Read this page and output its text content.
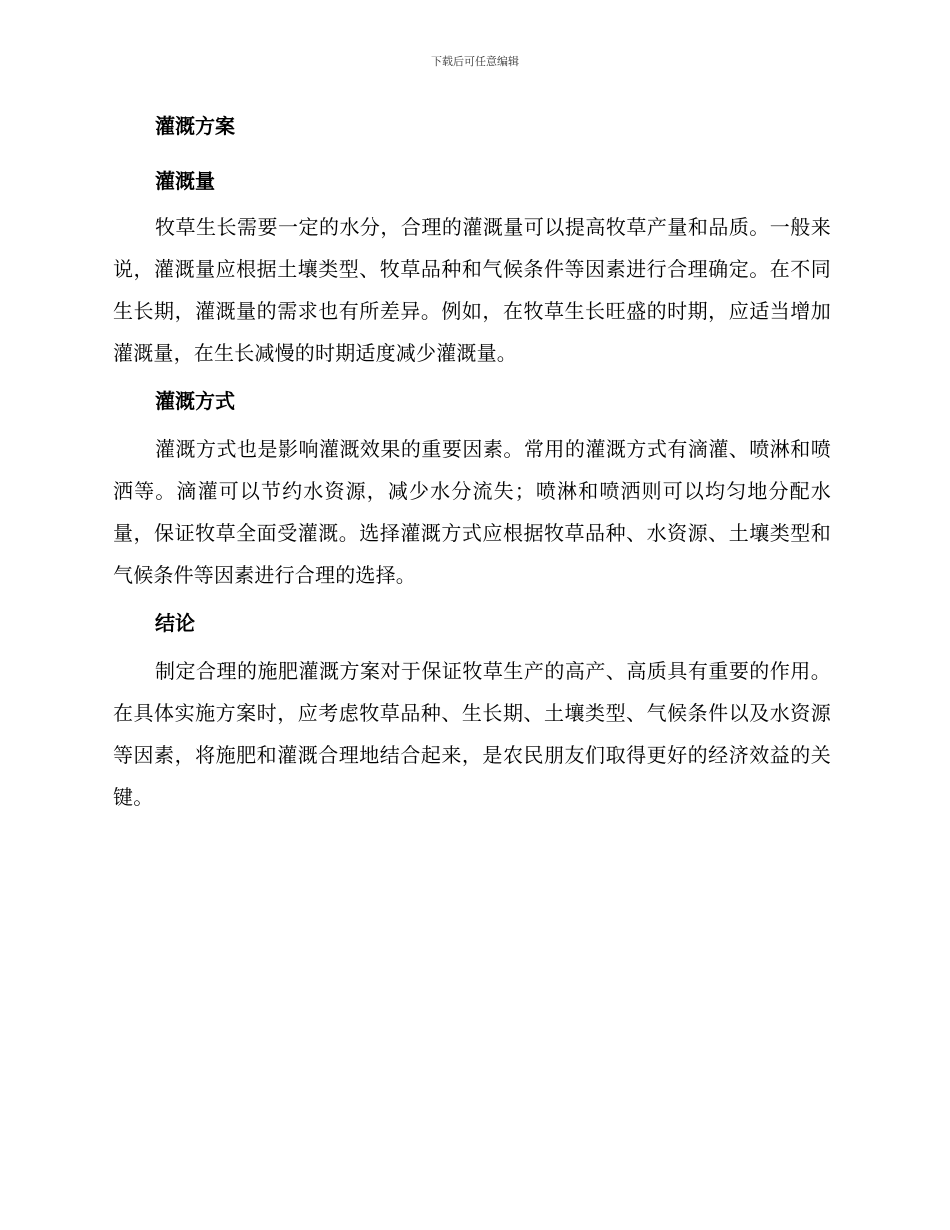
下载后可任意编辑
灌溉方案
灌溉量

牧草生长需要一定的水分，合理的灌溉量可以提高牧草产量和品质。一般来说，灌溉量应根据土壤类型、牧草品种和气候条件等因素进行合理确定。在不同生长期，灌溉量的需求也有所差异。例如，在牧草生长旺盛的时期，应适当增加灌溉量，在生长减慢的时期适度减少灌溉量。

灌溉方式

灌溉方式也是影响灌溉效果的重要因素。常用的灌溉方式有滴灌、喷淋和喷洒等。滴灌可以节约水资源，减少水分流失；喷淋和喷洒则可以均匀地分配水量，保证牧草全面受灌溉。选择灌溉方式应根据牧草品种、水资源、土壤类型和气候条件等因素进行合理的选择。

结论

制定合理的施肥灌溉方案对于保证牧草生产的高产、高质具有重要的作用。在具体实施方案时，应考虑牧草品种、生长期、土壤类型、气候条件以及水资源等因素，将施肥和灌溉合理地结合起来，是农民朋友们取得更好的经济效益的关键。
